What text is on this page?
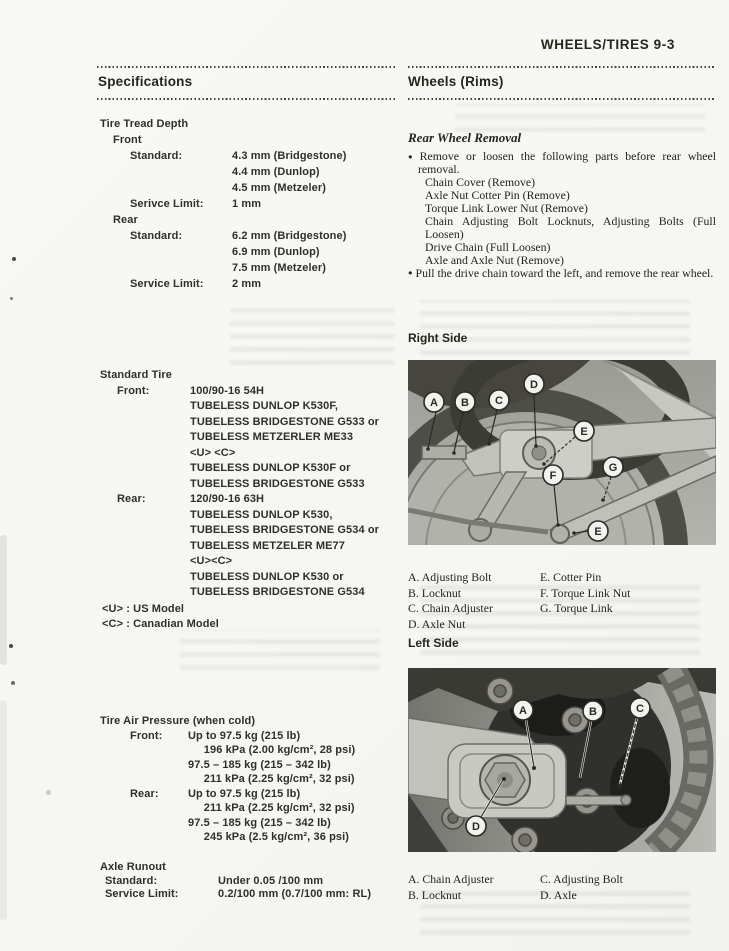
WHEELS/TIRES 9-3
Specifications
Tire Tread Depth
Front
Standard:	4.3 mm (Bridgestone)
4.4 mm (Dunlop)
4.5 mm (Metzeler)
Serivce Limit:	1 mm
Rear
Standard:	6.2 mm (Bridgestone)
6.9 mm (Dunlop)
7.5 mm (Metzeler)
Service Limit:	2 mm
Standard Tire
Front:	100/90-16 54H
TUBELESS DUNLOP K530F,
TUBELESS BRIDGESTONE G533 or
TUBELESS METZERLER ME33
<U> <C>
TUBELESS DUNLOP K530F or
TUBELESS BRIDGESTONE G533
Rear:	120/90-16 63H
TUBELESS DUNLOP K530,
TUBELESS BRIDGESTONE G534 or
TUBELESS METZELER ME77
<U><C>
TUBELESS DUNLOP K530 or
TUBELESS BRIDGESTONE G534
<U> : US Model
<C> : Canadian Model
Tire Air Pressure (when cold)
Front:	Up to 97.5 kg (215 lb)
196 kPa (2.00 kg/cm², 28 psi)
97.5 – 185 kg (215 – 342 lb)
211 kPa (2.25 kg/cm², 32 psi)
Rear:	Up to 97.5 kg (215 lb)
211 kPa (2.25 kg/cm², 32 psi)
97.5 – 185 kg (215 – 342 lb)
245 kPa (2.5 kg/cm², 36 psi)
Axle Runout
Standard:	Under 0.05 /100 mm
Service Limit:	0.2/100 mm (0.7/100 mm: RL)
Wheels (Rims)
Rear Wheel Removal
● Remove or loosen the following parts before rear wheel removal.
Chain Cover (Remove)
Axle Nut Cotter Pin (Remove)
Torque Link Lower Nut (Remove)
Chain Adjusting Bolt Locknuts, Adjusting Bolts (Full Loosen)
Drive Chain (Full Loosen)
Axle and Axle Nut (Remove)
● Pull the drive chain toward the left, and remove the rear wheel.
Right Side
A B C
D
E
F
G
E
A. Adjusting Bolt
B. Locknut
C. Chain Adjuster
D. Axle Nut
E. Cotter Pin
F. Torque Link Nut
G. Torque Link
Left Side
A	B	C
D
A. Chain Adjuster
B. Locknut
C. Adjusting Bolt
D. Axle
